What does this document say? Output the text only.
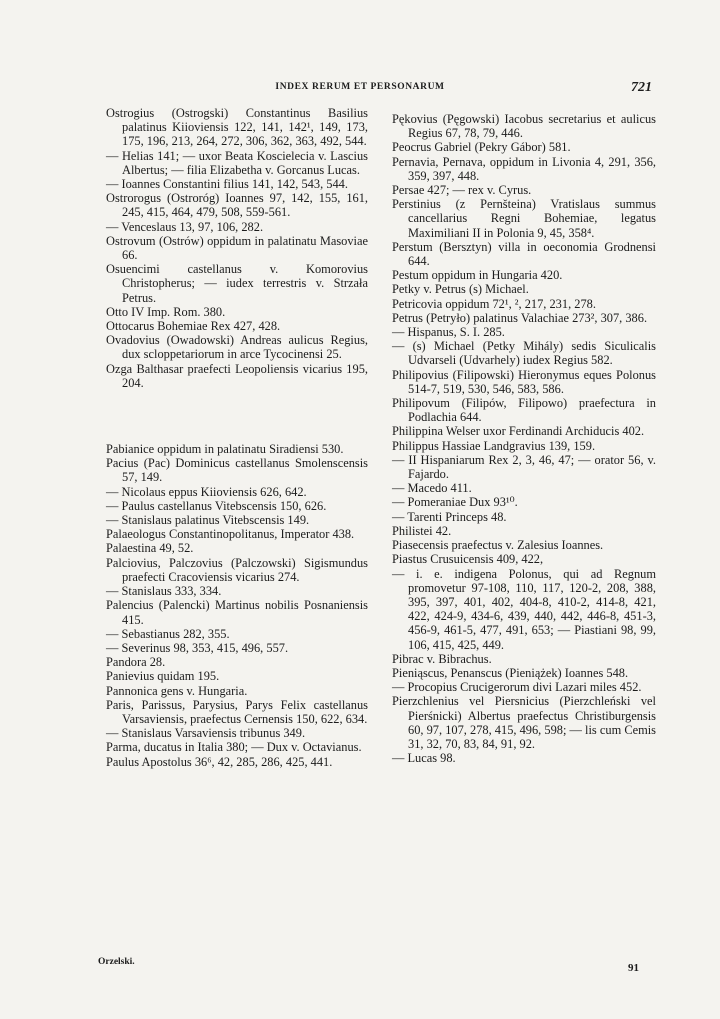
INDEX RERUM ET PERSONARUM	721

Ostrogius (Ostrogski) Constantinus Basilius palatinus Kiioviensis 122, 141, 142¹, 149, 173, 175, 196, 213, 264, 272, 306, 362, 363, 492, 544.

— Helias 141; — uxor Beata Koscielecia v. Lascius Albertus; — filia Elizabetha v. Gorcanus Lucas.

— Ioannes Constantini filius 141, 142, 543, 544.

Ostrorogus (Ostroróg) Ioannes 97, 142, 155, 161, 245, 415, 464, 479, 508, 559-561.

— Venceslaus 13, 97, 106, 282.

Ostrovum (Ostrów) oppidum in palatinatu Masoviae 66.

Osuencimi castellanus v. Komorovius Christopherus; — iudex terrestris v. Strzała Petrus.

Otto IV Imp. Rom. 380.

Ottocarus Bohemiae Rex 427, 428.

Ovadovius (Owadowski) Andreas aulicus Regius, dux scloppetariorum in arce Tycocinensi 25.

Ozga Balthasar praefecti Leopoliensis vicarius 195, 204.

Pabianice oppidum in palatinatu Siradiensi 530.

Pacius (Pac) Dominicus castellanus Smolenscensis 57, 149.

— Nicolaus eppus Kiioviensis 626, 642.

— Paulus castellanus Vitebscensis 150, 626.

— Stanislaus palatinus Vitebscensis 149.

Palaeologus Constantinopolitanus, Imperator 438.

Palaestina 49, 52.

Palciovius, Palczovius (Palczowski) Sigismundus praefecti Cracoviensis vicarius 274.

— Stanislaus 333, 334.

Palencius (Palencki) Martinus nobilis Posnaniensis 415.

— Sebastianus 282, 355.

— Severinus 98, 353, 415, 496, 557.

Pandora 28.

Panievius quidam 195.

Pannonica gens v. Hungaria.

Paris, Parissus, Parysius, Parys Felix castellanus Varsaviensis, praefectus Cernensis 150, 622, 634.

— Stanislaus Varsaviensis tribunus 349.

Parma, ducatus in Italia 380; — Dux v. Octavianus.

Paulus Apostolus 36⁶, 42, 285, 286, 425, 441.

Pękovius (Pęgowski) Iacobus secretarius et aulicus Regius 67, 78, 79, 446.

Peocrus Gabriel (Pekry Gábor) 581.

Pernavia, Pernava, oppidum in Livonia 4, 291, 356, 359, 397, 448.

Persae 427; — rex v. Cyrus.

Perstinius (z Pernšteina) Vratislaus summus cancellarius Regni Bohemiae, legatus Maximiliani II in Polonia 9, 45, 358⁴.

Perstum (Bersztyn) villa in oeconomia Grodnensi 644.

Pestum oppidum in Hungaria 420.

Petky v. Petrus (s) Michael.

Petricovia oppidum 72¹, ², 217, 231, 278.

Petrus (Petryło) palatinus Valachiae 273², 307, 386.

— Hispanus, S. I. 285.

— (s) Michael (Petky Mihály) sedis Siculicalis Udvarseli (Udvarhely) iudex Regius 582.

Philipovius (Filipowski) Hieronymus eques Polonus 514-7, 519, 530, 546, 583, 586.

Philipovum (Filipów, Filipowo) praefectura in Podlachia 644.

Philippina Welser uxor Ferdinandi Archiducis 402.

Philippus Hassiae Landgravius 139, 159.

— II Hispaniarum Rex 2, 3, 46, 47; — orator 56, v. Fajardo.

— Macedo 411.

— Pomeraniae Dux 93¹⁰.

— Tarenti Princeps 48.

Philistei 42.

Piasecensis praefectus v. Zalesius Ioannes.

Piastus Crusuicensis 409, 422,

— i. e. indigena Polonus, qui ad Regnum promovetur 97-108, 110, 117, 120-2, 208, 388, 395, 397, 401, 402, 404-8, 410-2, 414-8, 421, 422, 424-9, 434-6, 439, 440, 442, 446-8, 451-3, 456-9, 461-5, 477, 491, 653; — Piastiani 98, 99, 106, 415, 425, 449.

Pibrac v. Bibrachus.

Pieniąscus, Penanscus (Pieniążek) Ioannes 548.

— Procopius Crucigerorum divi Lazari miles 452.

Pierzchlenius vel Piersnicius (Pierzchleński vel Pierśnicki) Albertus praefectus Christiburgensis 60, 97, 107, 278, 415, 496, 598; — lis cum Cemis 31, 32, 70, 83, 84, 91, 92.

— Lucas 98.

Orzelski.	91
